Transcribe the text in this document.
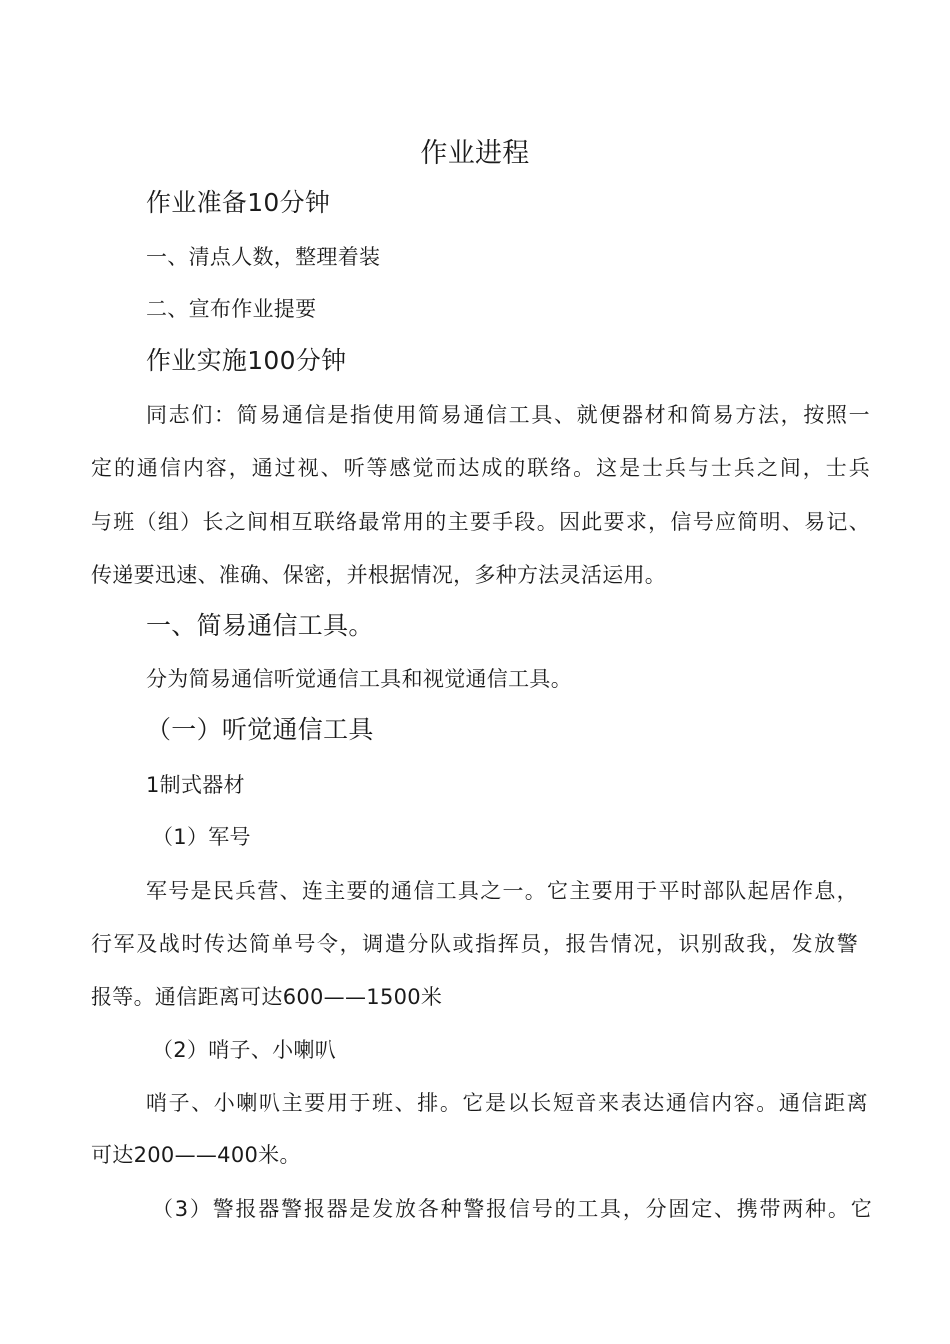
作业进程
作业准备10分钟
一、清点人数，整理着装
二、宣布作业提要
作业实施100分钟
同志们：简易通信是指使用简易通信工具、就便器材和简易方法，按照一
定的通信内容，通过视、听等感觉而达成的联络。这是士兵与士兵之间，士兵
与班（组）长之间相互联络最常用的主要手段。因此要求，信号应简明、易记、
传递要迅速、准确、保密，并根据情况，多种方法灵活运用。
一、简易通信工具。
分为简易通信听觉通信工具和视觉通信工具。
（一）听觉通信工具
1制式器材
（1）军号
军号是民兵营、连主要的通信工具之一。它主要用于平时部队起居作息，
行军及战时传达简单号令，调遣分队或指挥员，报告情况，识别敌我，发放警
报等。通信距离可达600——1500米
（2）哨子、小喇叭
哨子、小喇叭主要用于班、排。它是以长短音来表达通信内容。通信距离
可达200——400米。
（3）警报器警报器是发放各种警报信号的工具，分固定、携带两种。它
